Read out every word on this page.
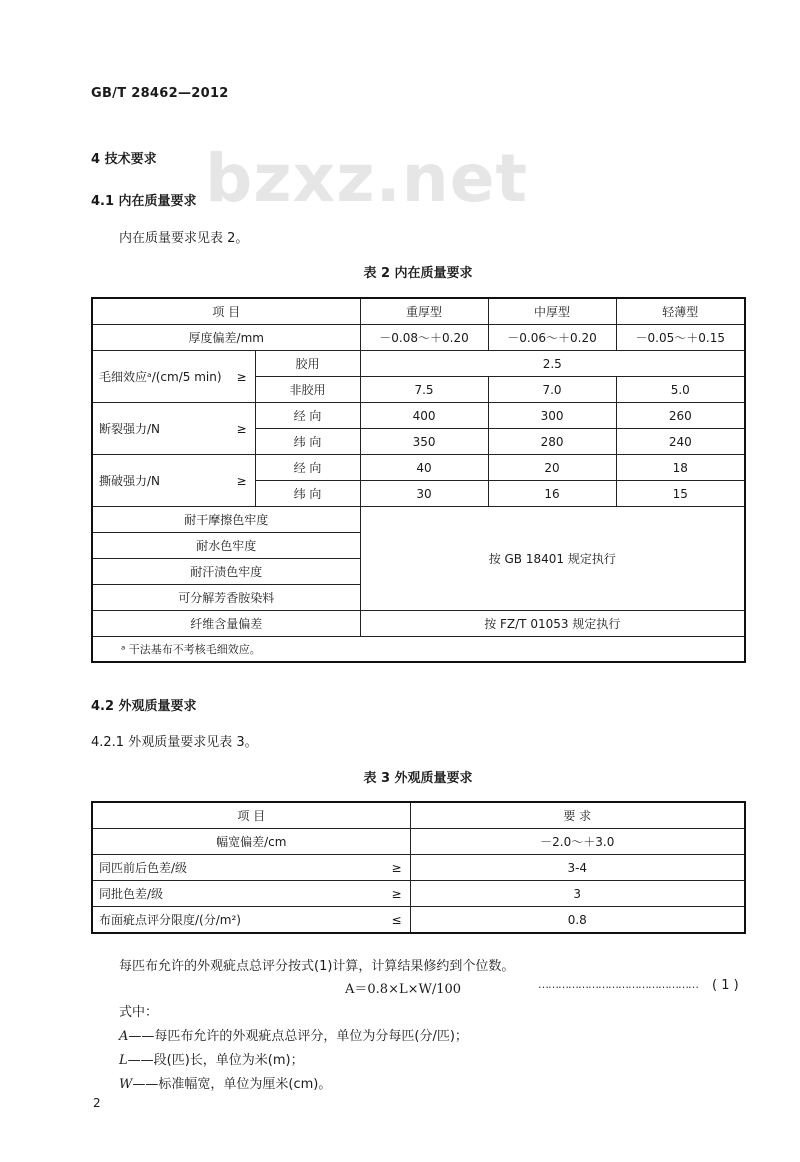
bzxz.net
GB/T 28462—2012
4 技术要求
4.1 内在质量要求
内在质量要求见表 2。
表 2 内在质量要求
项 目		重厚型	中厚型	轻薄型
厚度偏差/mm		－0.08～＋0.20	－0.06～＋0.20	－0.05～＋0.15
毛细效应ᵃ/(cm/5 min) ≥	胶用	2.5		
	非胶用	7.5	7.0	5.0
断裂强力/N ≥	经 向	400	300	260
	纬 向	350	280	240
撕破强力/N ≥	经 向	40	20	18
	纬 向	30	16	15
耐干摩擦色牢度		按 GB 18401 规定执行		
耐水色牢度				
耐汗渍色牢度				
可分解芳香胺染料				
纤维含量偏差		按 FZ/T 01053 规定执行		
ᵃ 干法基布不考核毛细效应。				
4.2 外观质量要求
4.2.1 外观质量要求见表 3。
表 3 外观质量要求
项 目	要 求
幅宽偏差/cm	－2.0～＋3.0
同匹前后色差/级 ≥	3-4
同批色差/级 ≥	3
布面疵点评分限度/(分/m²) ≤	0.8
每匹布允许的外观疵点总评分按式(1)计算，计算结果修约到个位数。
A＝0.8×L×W/100	………………………………………… ( 1 )
式中：
A——每匹布允许的外观疵点总评分，单位为分每匹(分/匹)；
L——段(匹)长，单位为米(m)；
W——标准幅宽，单位为厘米(cm)。
2
